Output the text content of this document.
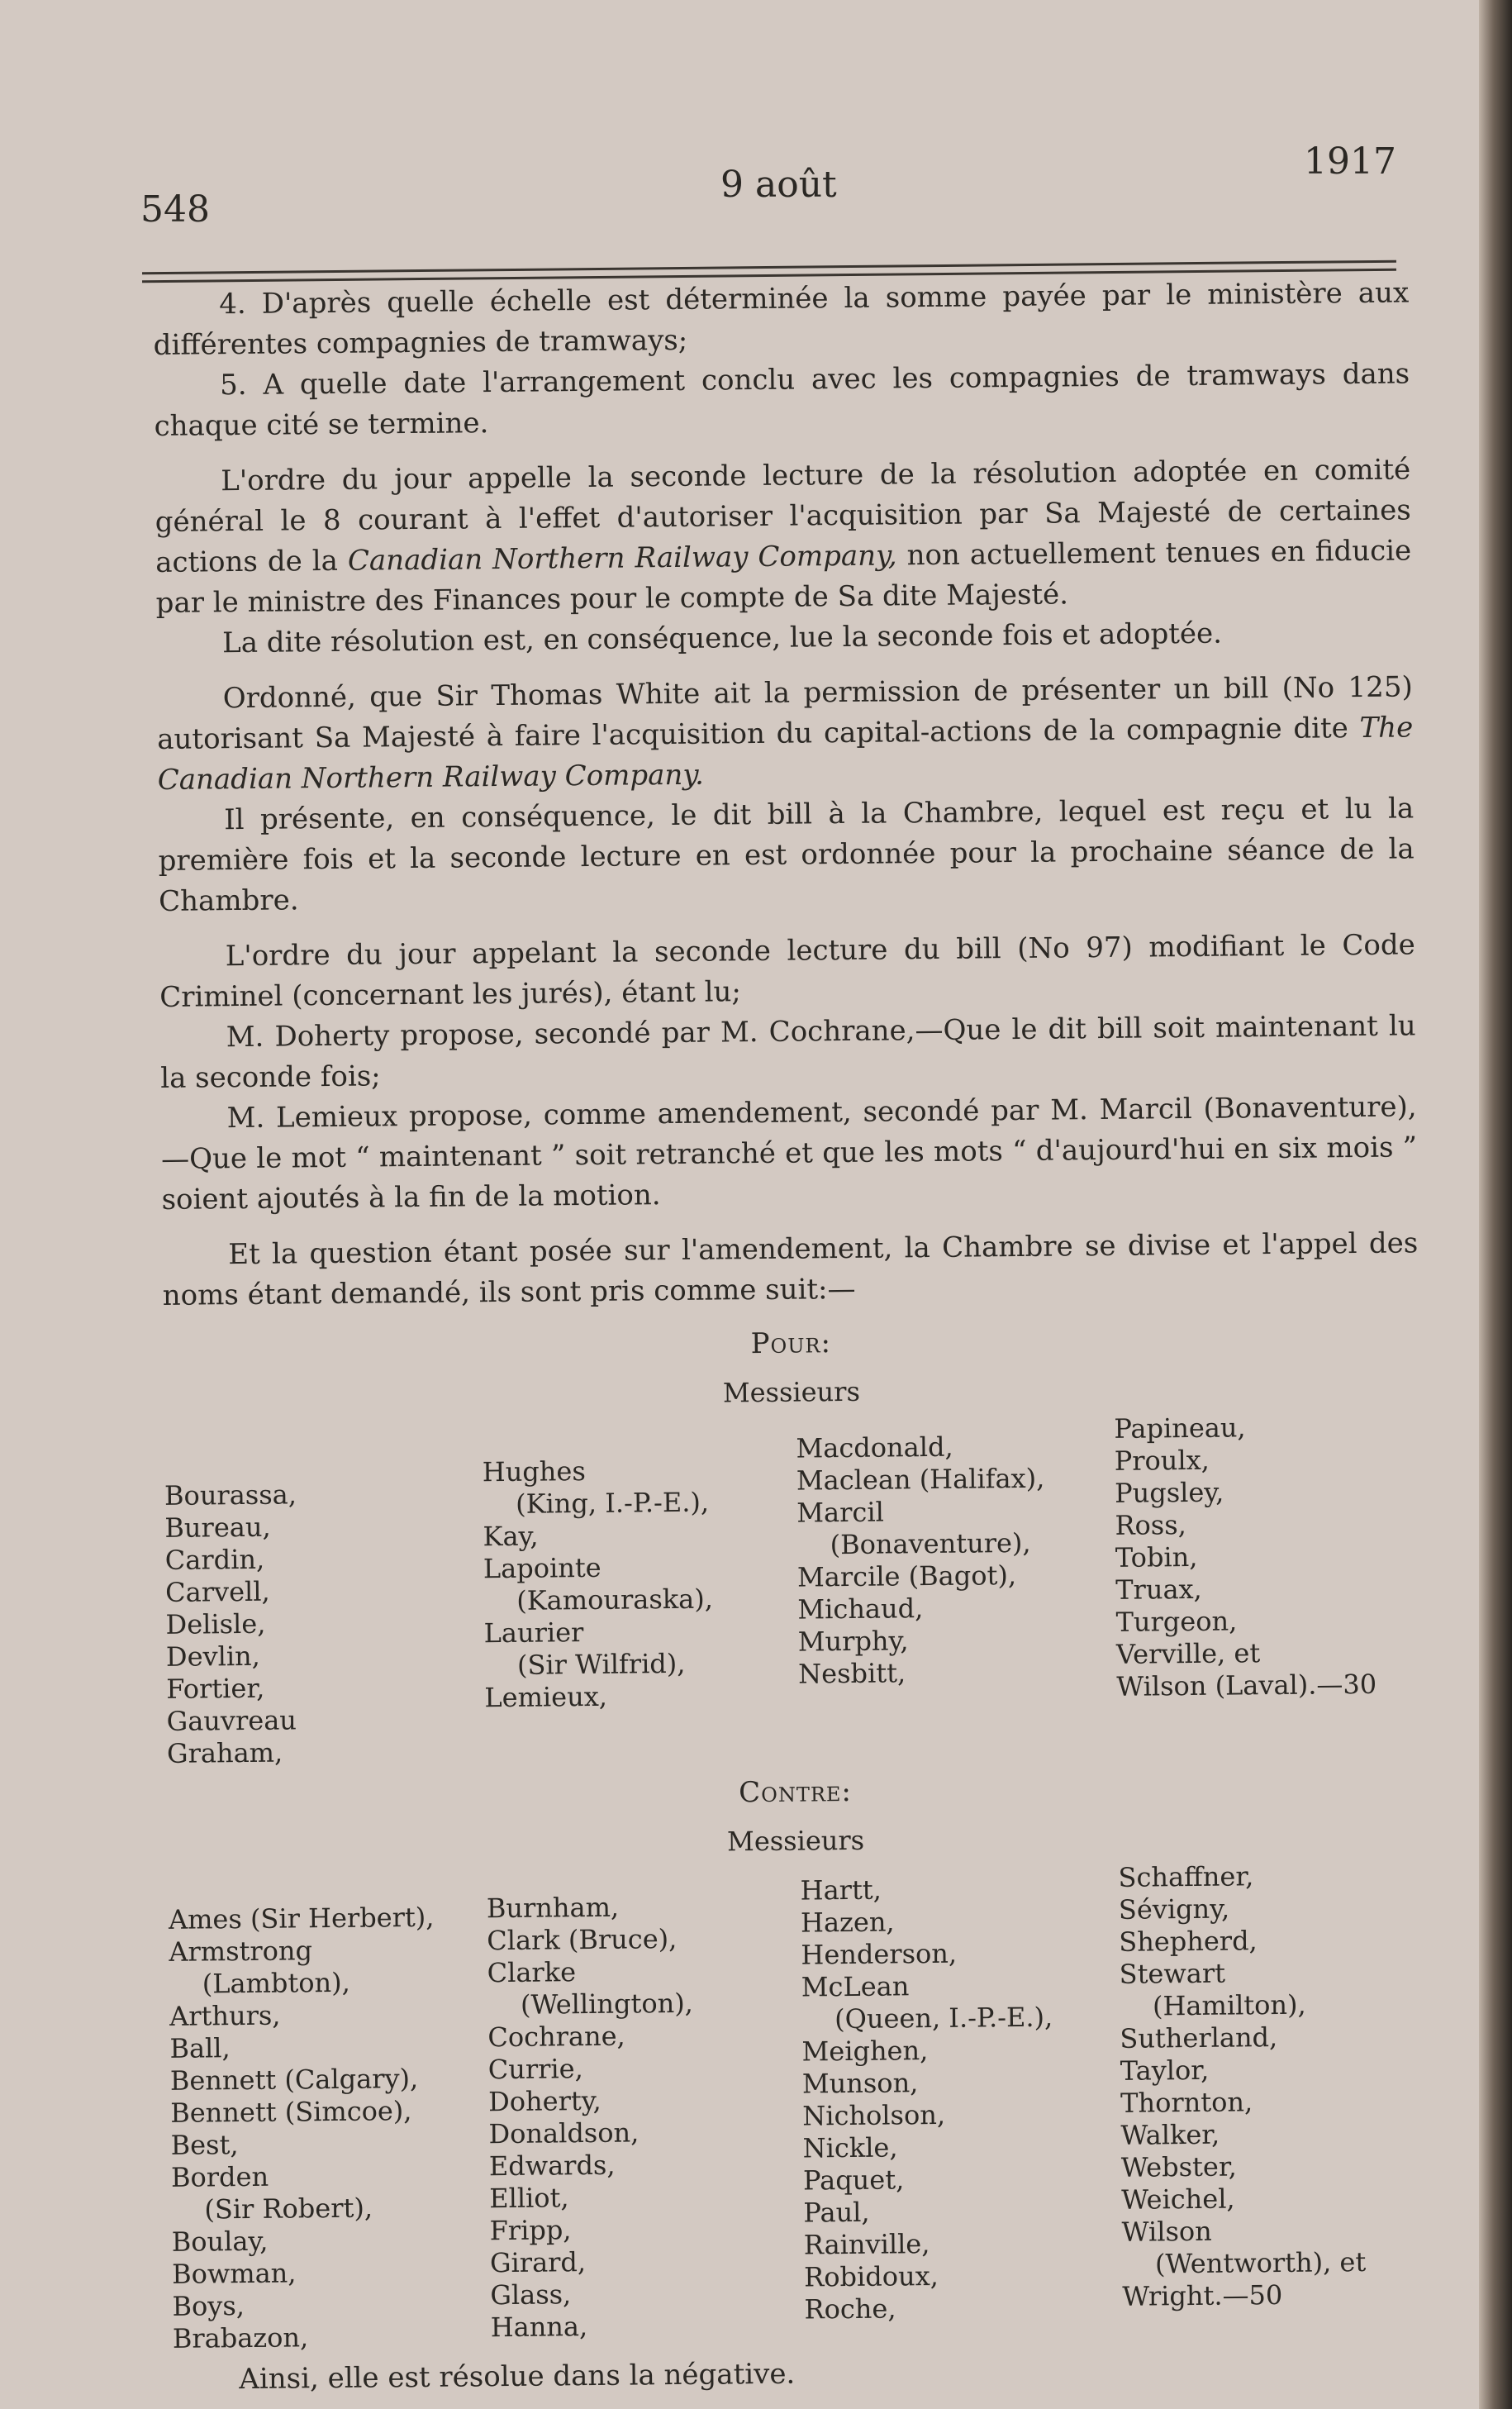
548
9 août
1917

4. D'après quelle échelle est déterminée la somme payée par le ministère aux différentes compagnies de tramways;

5. A quelle date l'arrangement conclu avec les compagnies de tramways dans chaque cité se termine.

L'ordre du jour appelle la seconde lecture de la résolution adoptée en comité général le 8 courant à l'effet d'autoriser l'acquisition par Sa Majesté de certaines actions de la Canadian Northern Railway Company, non actuellement tenues en fiducie par le ministre des Finances pour le compte de Sa dite Majesté.

La dite résolution est, en conséquence, lue la seconde fois et adoptée.

Ordonné, que Sir Thomas White ait la permission de présenter un bill (No 125) autorisant Sa Majesté à faire l'acquisition du capital-actions de la compagnie dite The Canadian Northern Railway Company.

Il présente, en conséquence, le dit bill à la Chambre, lequel est reçu et lu la première fois et la seconde lecture en est ordonnée pour la prochaine séance de la Chambre.

L'ordre du jour appelant la seconde lecture du bill (No 97) modifiant le Code Criminel (concernant les jurés), étant lu;

M. Doherty propose, secondé par M. Cochrane,—Que le dit bill soit maintenant lu la seconde fois;

M. Lemieux propose, comme amendement, secondé par M. Marcil (Bonaventure),—Que le mot “ maintenant ” soit retranché et que les mots “ d'aujourd'hui en six mois ” soient ajoutés à la fin de la motion.

Et la question étant posée sur l'amendement, la Chambre se divise et l'appel des noms étant demandé, ils sont pris comme suit:—

Pour:
Messieurs
Bourassa,
Bureau,
Cardin,
Carvell,
Delisle,
Devlin,
Fortier,
Gauvreau
Graham,
Hughes
(King, I.-P.-E.),
Kay,
Lapointe
(Kamouraska),
Laurier
(Sir Wilfrid),
Lemieux,
Macdonald,
Maclean (Halifax),
Marcil
(Bonaventure),
Marcile (Bagot),
Michaud,
Murphy,
Nesbitt,
Papineau,
Proulx,
Pugsley,
Ross,
Tobin,
Truax,
Turgeon,
Verville, et
Wilson (Laval).—30
Contre:
Messieurs
Ames (Sir Herbert),
Armstrong
(Lambton),
Arthurs,
Ball,
Bennett (Calgary),
Bennett (Simcoe),
Best,
Borden
(Sir Robert),
Boulay,
Bowman,
Boys,
Brabazon,
Burnham,
Clark (Bruce),
Clarke
(Wellington),
Cochrane,
Currie,
Doherty,
Donaldson,
Edwards,
Elliot,
Fripp,
Girard,
Glass,
Hanna,
Hartt,
Hazen,
Henderson,
McLean
(Queen, I.-P.-E.),
Meighen,
Munson,
Nicholson,
Nickle,
Paquet,
Paul,
Rainville,
Robidoux,
Roche,
Schaffner,
Sévigny,
Shepherd,
Stewart
(Hamilton),
Sutherland,
Taylor,
Thornton,
Walker,
Webster,
Weichel,
Wilson
(Wentworth), et
Wright.—50

Ainsi, elle est résolue dans la négative.
